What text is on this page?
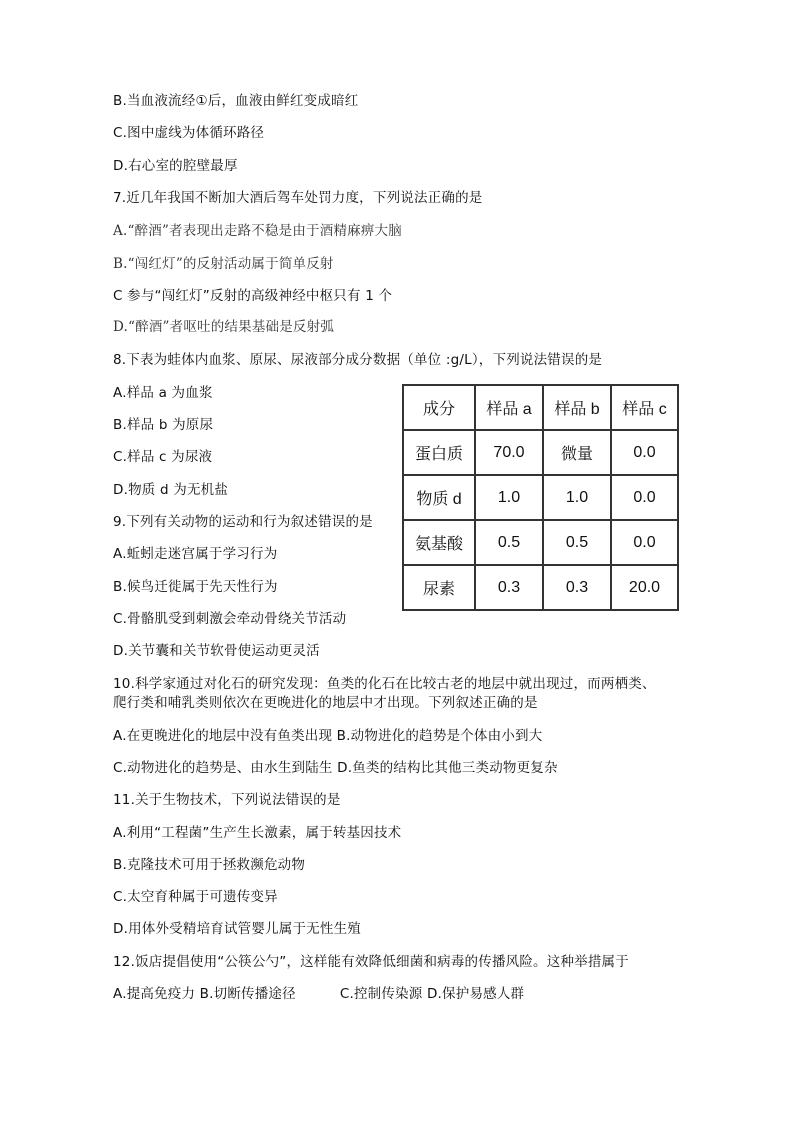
B.当血液流经①后，血液由鲜红变成暗红
C.图中虚线为体循环路径
D.右心室的腔壁最厚
7.近几年我国不断加大酒后驾车处罚力度，下列说法正确的是
A.“醉酒”者表现出走路不稳是由于酒精麻痹大脑
B.“闯红灯”的反射活动属于简单反射
C 参与“闯红灯”反射的高级神经中枢只有 1 个
D.“醉酒”者呕吐的结果基础是反射弧
8.下表为蛙体内血浆、原尿、尿液部分成分数据（单位 :g/L），下列说法错误的是
A.样品 a 为血浆
B.样品 b 为原尿
C.样品 c 为尿液
D.物质 d 为无机盐
9.下列有关动物的运动和行为叙述错误的是
A.蚯蚓走迷宫属于学习行为
B.候鸟迁徙属于先天性行为
C.骨骼肌受到刺激会牵动骨绕关节活动
D.关节囊和关节软骨使运动更灵活
10.科学家通过对化石的研究发现：鱼类的化石在比较古老的地层中就出现过，而两栖类、
爬行类和哺乳类则依次在更晚进化的地层中才出现。下列叙述正确的是
A.在更晚进化的地层中没有鱼类出现 B.动物进化的趋势是个体由小到大
C.动物进化的趋势是、由水生到陆生 D.鱼类的结构比其他三类动物更复杂
11.关于生物技术，下列说法错误的是
A.利用“工程菌”生产生长激素，属于转基因技术
B.克隆技术可用于拯救濒危动物
C.太空育种属于可遗传变异
D.用体外受精培育试管婴儿属于无性生殖
12.饭店提倡使用“公筷公勺”，这样能有效降低细菌和病毒的传播风险。这种举措属于
A.提高免疫力 B.切断传播途径	C.控制传染源 D.保护易感人群
成分	样品 a	样品 b	样品 c
蛋白质	70.0	微量	0.0
物质 d	1.0	1.0	0.0
氨基酸	0.5	0.5	0.0
尿素	0.3	0.3	20.0
